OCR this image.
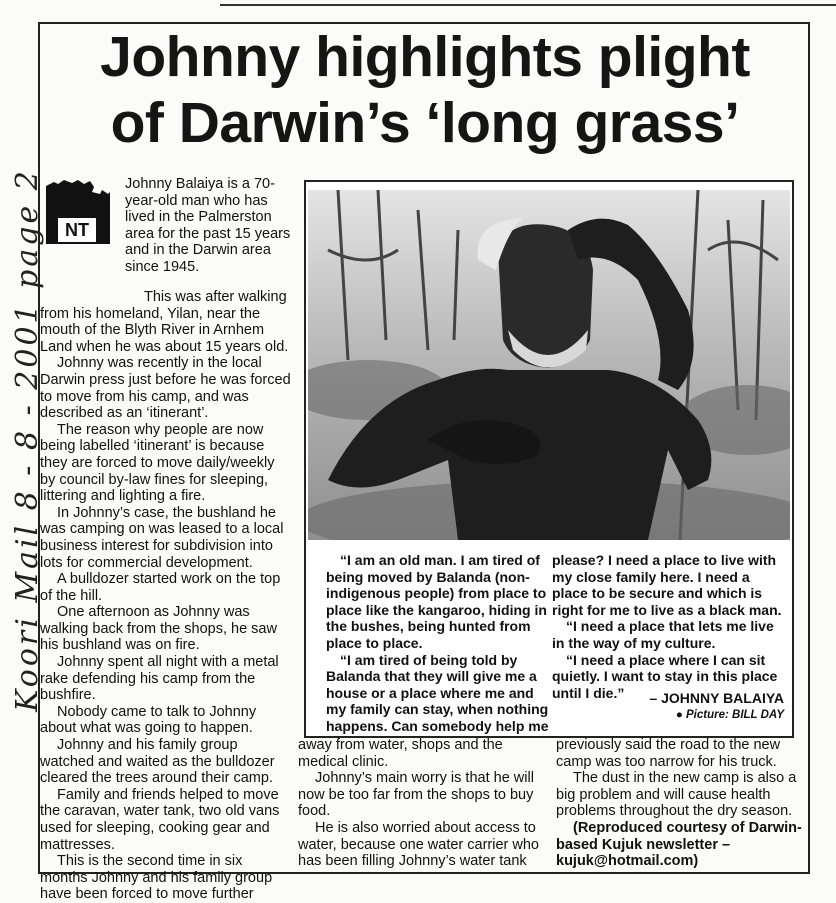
Koori Mail 8 - 8 - 2001 page 2
Johnny highlights plight
of Darwin’s ‘long grass’
NT

Johnny Balaiya is a 70-year-old man who has lived in the Palmerston area for the past 15 years and in the Darwin area since 1945.

This was after walking from his homeland, Yilan, near the mouth of the Blyth River in Arnhem Land when he was about 15 years old.

Johnny was recently in the local Darwin press just before he was forced to move from his camp, and was described as an ‘itinerant’.

The reason why people are now being labelled ‘itinerant’ is because they are forced to move daily/weekly by council by-law fines for sleeping, littering and lighting a fire.

In Johnny’s case, the bushland he was camping on was leased to a local business interest for subdivision into lots for commercial development.

A bulldozer started work on the top of the hill.

One afternoon as Johnny was walking back from the shops, he saw his bushland was on fire.

Johnny spent all night with a metal rake defending his camp from the bushfire.

Nobody came to talk to Johnny about what was going to happen.

Johnny and his family group watched and waited as the bulldozer cleared the trees around their camp.

Family and friends helped to move the caravan, water tank, two old vans used for sleeping, cooking gear and mattresses.

This is the second time in six months Johnny and his family group have been forced to move further

“I am an old man. I am tired of being moved by Balanda (non-indigenous people) from place to place like the kangaroo, hiding in the bushes, being hunted from place to place.

“I am tired of being told by Balanda that they will give me a house or a place where me and my family can stay, when nothing happens. Can somebody help me

please? I need a place to live with my close family here. I need a place to be secure and which is right for me to live as a black man.

“I need a place that lets me live in the way of my culture.

“I need a place where I can sit quietly. I want to stay in this place until I die.”	– JOHNNY BALAIYA
● Picture: BILL DAY

away from water, shops and the medical clinic.

Johnny’s main worry is that he will now be too far from the shops to buy food.

He is also worried about access to water, because one water carrier who has been filling Johnny’s water tank

previously said the road to the new camp was too narrow for his truck.

The dust in the new camp is also a big problem and will cause health problems throughout the dry season.

(Reproduced courtesy of Darwin-based Kujuk newsletter – kujuk@hotmail.com)
